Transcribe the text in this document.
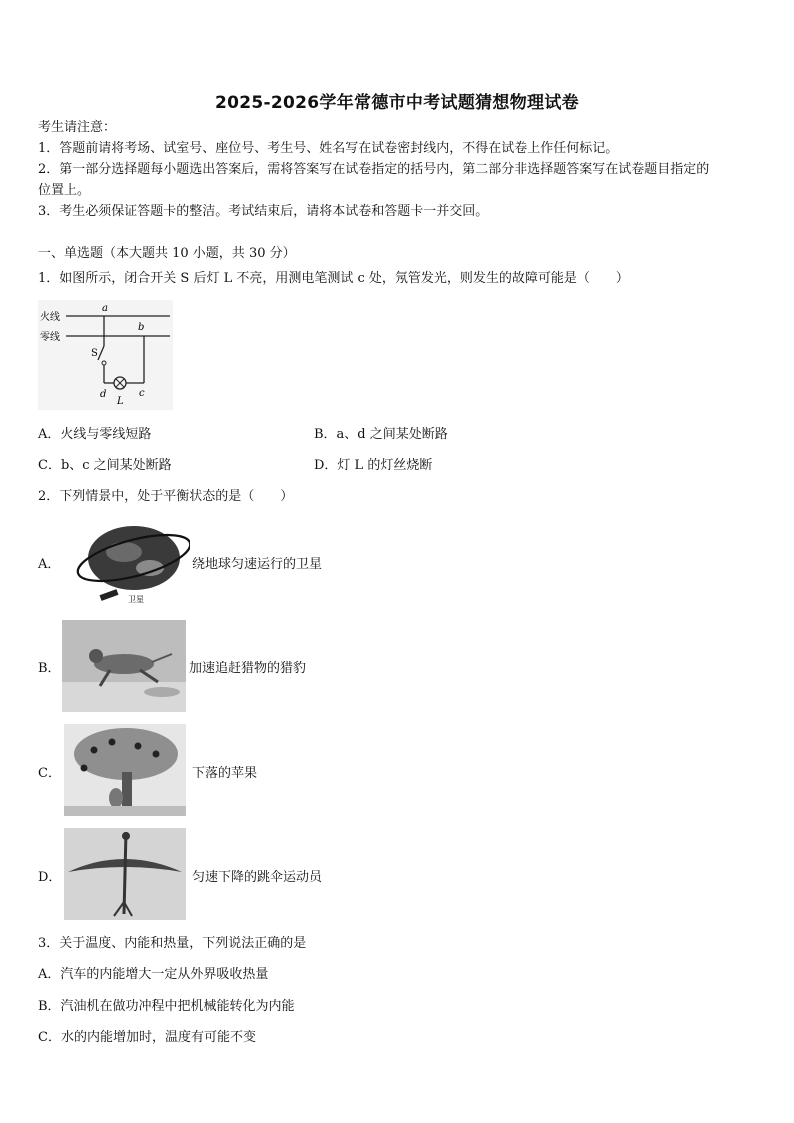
2025-2026学年常德市中考试题猜想物理试卷
考生请注意：
1．答题前请将考场、试室号、座位号、考生号、姓名写在试卷密封线内，不得在试卷上作任何标记。
2．第一部分选择题每小题选出答案后，需将答案写在试卷指定的括号内，第二部分非选择题答案写在试卷题目指定的
位置上。
3．考生必须保证答题卡的整洁。考试结束后，请将本试卷和答题卡一并交回。
一、单选题（本大题共 10 小题，共 30 分）
1．如图所示，闭合开关 S 后灯 L 不亮，用测电笔测试 c 处，氖管发光，则发生的故障可能是（　　）
火线
零线
a
S
b
d
L
c
A．火线与零线短路	B．a、d 之间某处断路
C．b、c 之间某处断路	D．灯 L 的灯丝烧断
2．下列情景中，处于平衡状态的是（　　）
A．
卫星
绕地球匀速运行的卫星
B．	加速追赶猎物的猎豹
C．	下落的苹果
D．	匀速下降的跳伞运动员
3．关于温度、内能和热量，下列说法正确的是
A．汽车的内能增大一定从外界吸收热量
B．汽油机在做功冲程中把机械能转化为内能
C．水的内能增加时，温度有可能不变
